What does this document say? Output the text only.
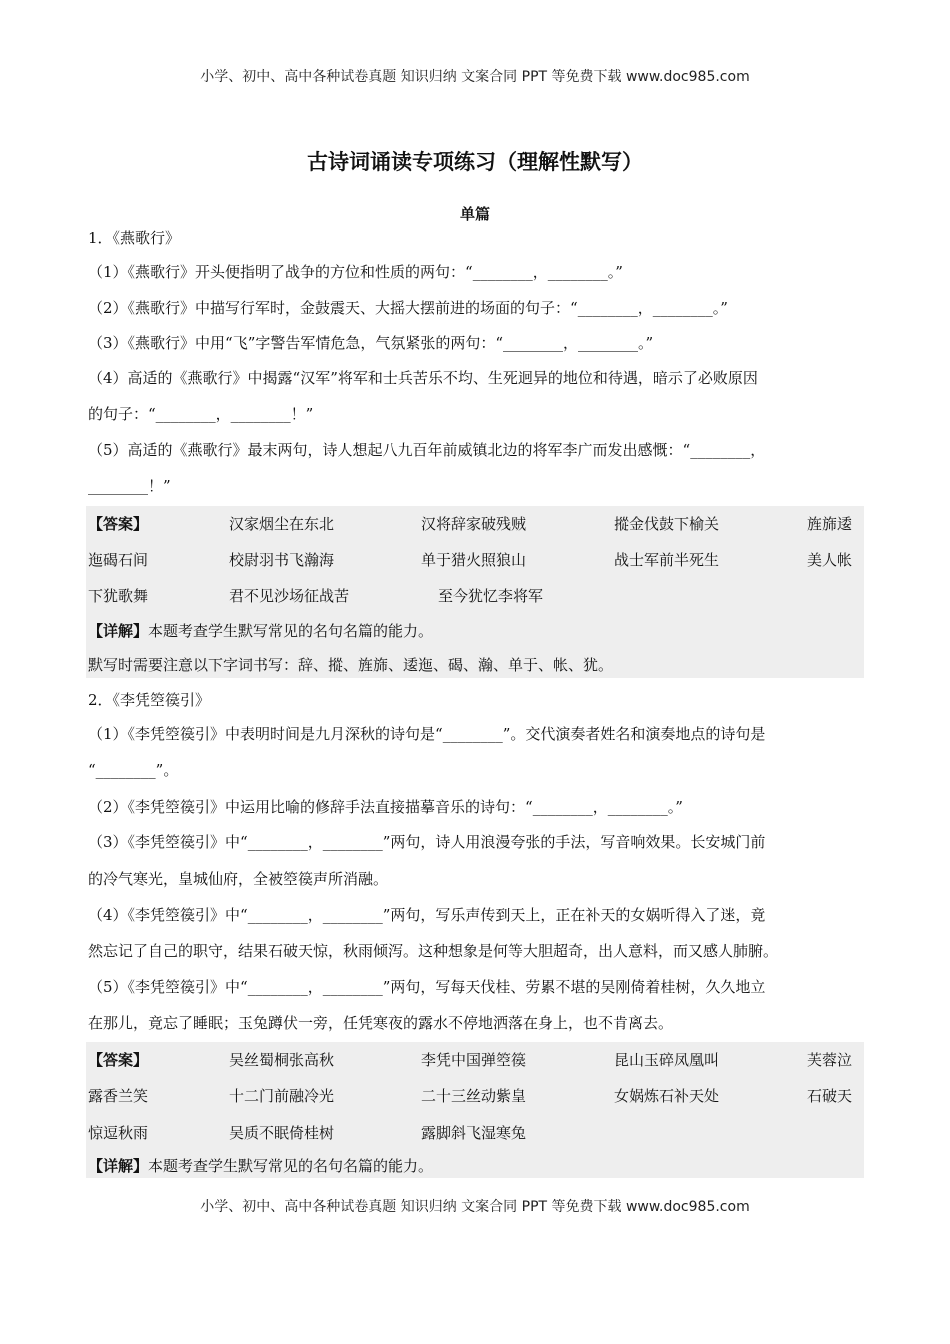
小学、初中、高中各种试卷真题 知识归纳 文案合同 PPT 等免费下载 www.doc985.com
古诗词诵读专项练习（理解性默写）
单篇
1．《燕歌行》
（1）《燕歌行》开头便指明了战争的方位和性质的两句：“________，________。”
（2）《燕歌行》中描写行军时，金鼓震天、大摇大摆前进的场面的句子：“________，________。”
（3）《燕歌行》中用“飞”字警告军情危急，气氛紧张的两句：“________，________。”
（4）高适的《燕歌行》中揭露“汉军”将军和士兵苦乐不均、生死迥异的地位和待遇，暗示了必败原因
的句子：“________，________！”
（5）高适的《燕歌行》最末两句，诗人想起八九百年前威镇北边的将军李广而发出感慨：“________，
________！”
【答案】	汉家烟尘在东北	汉将辞家破残贼	摐金伐鼓下榆关	旌旆逶
迤碣石间	校尉羽书飞瀚海	单于猎火照狼山	战士军前半死生	美人帐
下犹歌舞	君不见沙场征战苦	至今犹忆李将军
【详解】本题考查学生默写常见的名句名篇的能力。
默写时需要注意以下字词书写：辞、摐、旌旆、逶迤、碣、瀚、单于、帐、犹。
2．《李凭箜篌引》
（1）《李凭箜篌引》中表明时间是九月深秋的诗句是“________”。交代演奏者姓名和演奏地点的诗句是
“________”。
（2）《李凭箜篌引》中运用比喻的修辞手法直接描摹音乐的诗句：“________，________。”
（3）《李凭箜篌引》中“________，________”两句，诗人用浪漫夸张的手法，写音响效果。长安城门前
的冷气寒光，皇城仙府，全被箜篌声所消融。
（4）《李凭箜篌引》中“________，________”两句，写乐声传到天上，正在补天的女娲听得入了迷，竟
然忘记了自己的职守，结果石破天惊，秋雨倾泻。这种想象是何等大胆超奇，出人意料，而又感人肺腑。
（5）《李凭箜篌引》中“________，________”两句，写每天伐桂、劳累不堪的吴刚倚着桂树，久久地立
在那儿，竟忘了睡眠；玉兔蹲伏一旁，任凭寒夜的露水不停地洒落在身上，也不肯离去。
【答案】	吴丝蜀桐张高秋	李凭中国弹箜篌	昆山玉碎凤凰叫	芙蓉泣
露香兰笑	十二门前融冷光	二十三丝动紫皇	女娲炼石补天处	石破天
惊逗秋雨	吴质不眠倚桂树	露脚斜飞湿寒兔
【详解】本题考查学生默写常见的名句名篇的能力。
小学、初中、高中各种试卷真题 知识归纳 文案合同 PPT 等免费下载 www.doc985.com
